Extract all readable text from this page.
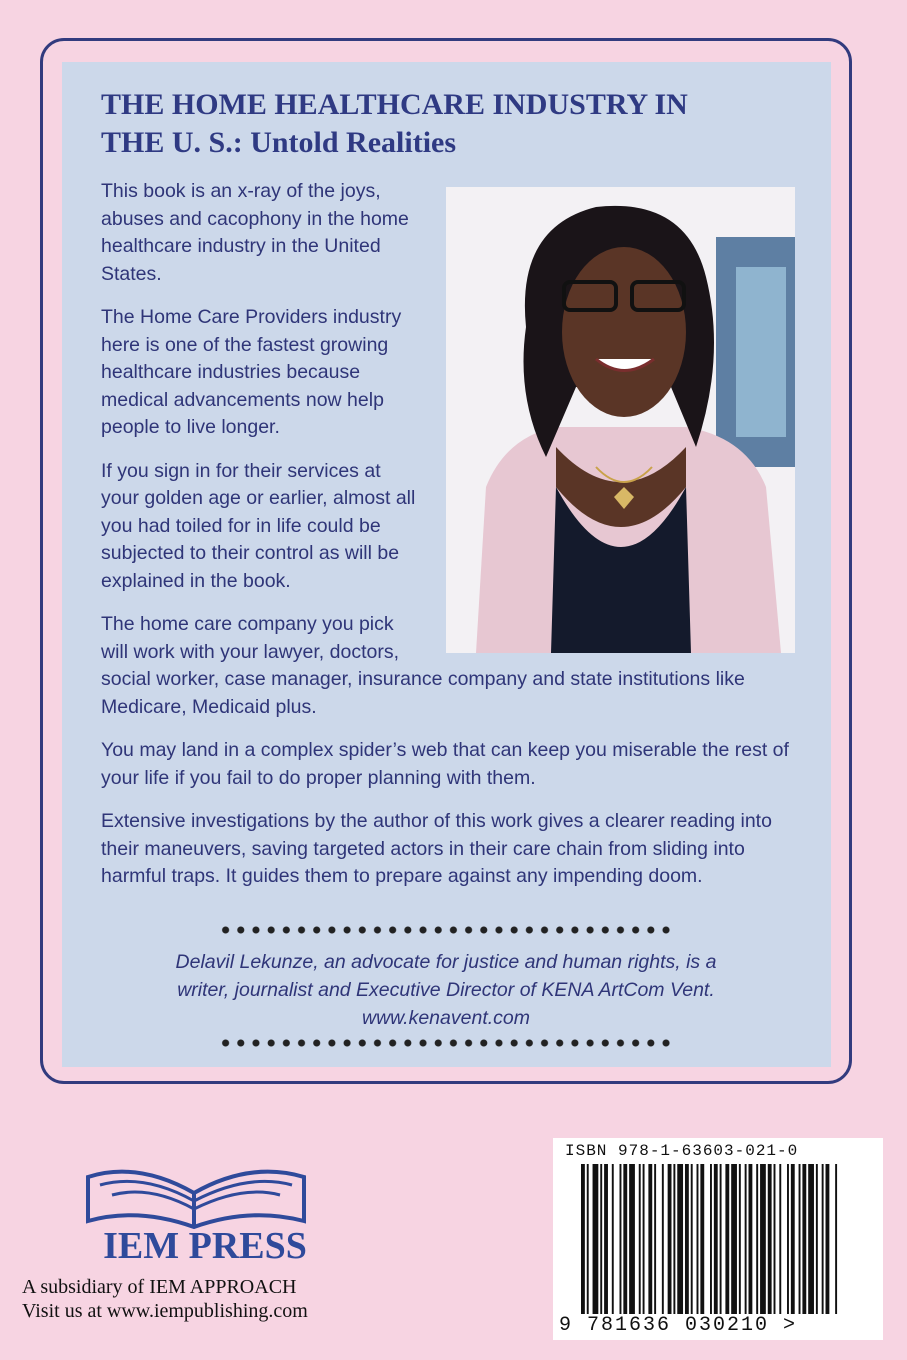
THE HOME HEALTHCARE INDUSTRY IN
THE U. S.: Untold Realities

This book is an x-ray of the joys, abuses and cacophony in the home healthcare industry in the United States.

The Home Care Providers industry here is one of the fastest growing healthcare industries because medical advancements now help people to live longer.

If you sign in for their services at your golden age or earlier, almost all you had toiled for in life could be subjected to their control as will be explained in the book.

The home care company you pick
will work with your lawyer, doctors,
social worker, case manager, insurance company and state institutions like
Medicare, Medicaid plus.

You may land in a complex spider’s web that can keep you miserable the rest of your life if you fail to do proper planning with them.

Extensive investigations by the author of this work gives a clearer reading into their maneuvers, saving targeted actors in their care chain from sliding into harmful traps. It guides them to prepare against any impending doom.

Delavil Lekunze, an advocate for justice and human rights, is a writer, journalist and Executive Director of KENA ArtCom Vent. www.kenavent.com

IEM PRESS

A subsidiary of IEM APPROACH
Visit us at www.iempublishing.com

ISBN 978-1-63603-021-0

9 781636 030210 >
